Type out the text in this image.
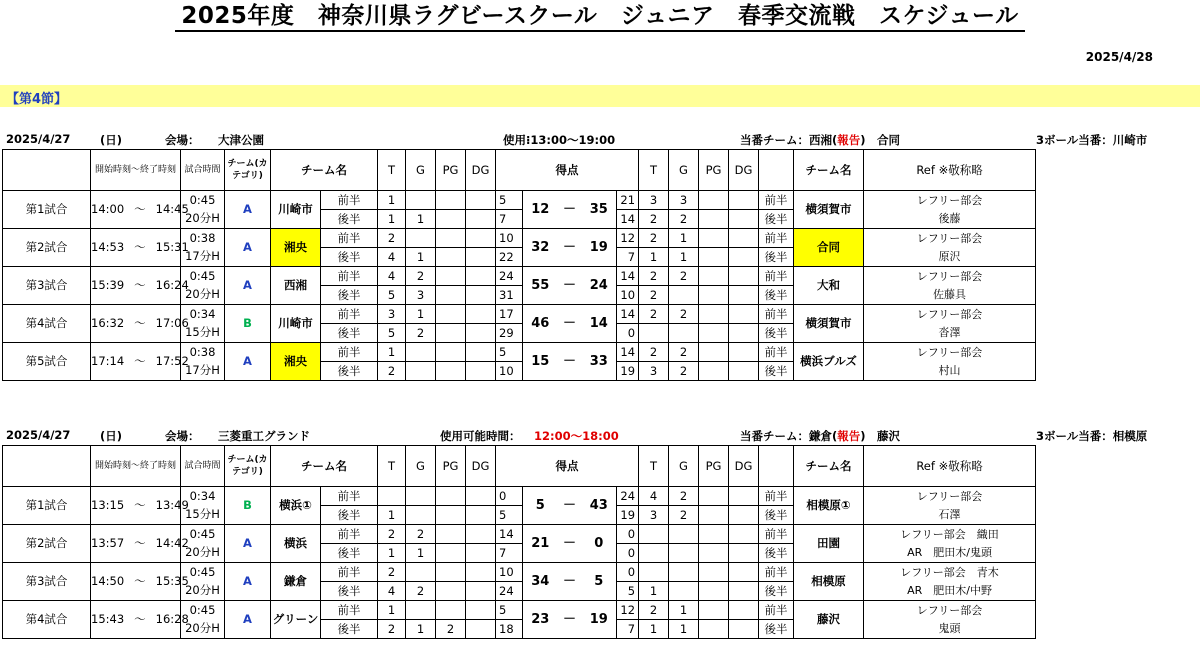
2025年度　神奈川県ラグビースクール　ジュニア　春季交流戦　スケジュール
2025/4/28
【第4節】
2025/4/27	(日)	会場： 大津公園	使用⁝13:00～19:00	当番チーム：西湘(報告)　合同	3ボール当番：川崎市
	開始時刻～終了時刻	試合時間	チーム(カテゴリ)	チーム名		T	G	PG	DG	得点					T	G	PG	DG		チーム名	Ref ※敬称略
第1試合	14:00 ～ 14:45	0:45	A	川崎市	前半	1				5	12	－	35	21	3	3			前半	横須賀市	レフリー部会
		20分H			後半	1	1			7				14	2	2			後半		後藤
第2試合	14:53 ～ 15:31	0:38	A	湘央	前半	2				10	32	－	19	12	2	1			前半	合同	レフリー部会
		17分H			後半	4	1			22				7	1	1			後半		原沢
第3試合	15:39 ～ 16:24	0:45	A	西湘	前半	4	2			24	55	－	24	14	2	2			前半	大和	レフリー部会
		20分H			後半	5	3			31				10	2				後半		佐藤具
第4試合	16:32 ～ 17:06	0:34	B	川崎市	前半	3	1			17	46	－	14	14	2	2			前半	横須賀市	レフリー部会
		15分H			後半	5	2			29				0					後半		沓澤
第5試合	17:14 ～ 17:52	0:38	A	湘央	前半	1				5	15	－	33	14	2	2			前半	横浜ブルズ	レフリー部会
		17分H			後半	2				10				19	3	2			後半		村山
2025/4/27	(日)	会場： 三菱重工グランド	使用可能時間： 12:00～18:00	当番チーム：鎌倉(報告)　藤沢	3ボール当番：相模原
	開始時刻～終了時刻	試合時間	チーム(カテゴリ)	チーム名		T	G	PG	DG	得点					T	G	PG	DG		チーム名	Ref ※敬称略
第1試合	13:15 ～ 13:49	0:34	B	横浜①	前半					0	5	－	43	24	4	2			前半	相模原①	レフリー部会
		15分H			後半	1				5				19	3	2			後半		石澤
第2試合	13:57 ～ 14:42	0:45	A	横浜	前半	2	2			14	21	－	0	0					前半	田園	レフリー部会　織田
		20分H			後半	1	1			7				0					後半		AR　肥田木/鬼頭
第3試合	14:50 ～ 15:35	0:45	A	鎌倉	前半	2				10	34	－	5	0					前半	相模原	レフリー部会　青木
		20分H			後半	4	2			24				5	1				後半		AR　肥田木/中野
第4試合	15:43 ～ 16:28	0:45	A	グリーン	前半	1				5	23	－	19	12	2	1			前半	藤沢	レフリー部会
		20分H			後半	2	1	2		18				7	1	1			後半		鬼頭
